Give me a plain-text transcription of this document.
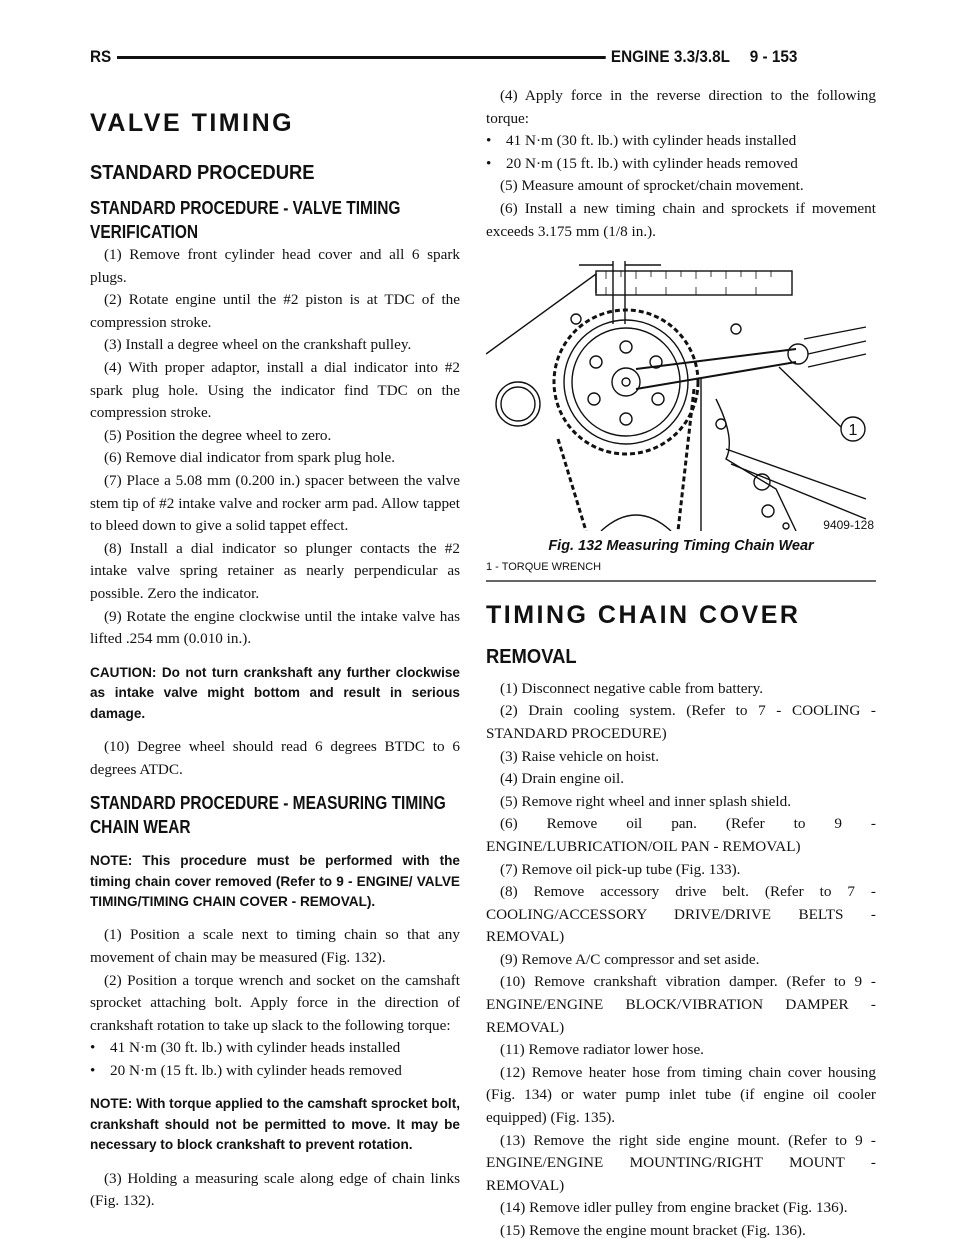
RS	ENGINE 3.3/3.8L 9 - 153
VALVE TIMING
STANDARD PROCEDURE
STANDARD PROCEDURE - VALVE TIMING VERIFICATION
(1) Remove front cylinder head cover and all 6 spark plugs.
(2) Rotate engine until the #2 piston is at TDC of the compression stroke.
(3) Install a degree wheel on the crankshaft pulley.
(4) With proper adaptor, install a dial indicator into #2 spark plug hole. Using the indicator find TDC on the compression stroke.
(5) Position the degree wheel to zero.
(6) Remove dial indicator from spark plug hole.
(7) Place a 5.08 mm (0.200 in.) spacer between the valve stem tip of #2 intake valve and rocker arm pad. Allow tappet to bleed down to give a solid tappet effect.
(8) Install a dial indicator so plunger contacts the #2 intake valve spring retainer as nearly perpendicular as possible. Zero the indicator.
(9) Rotate the engine clockwise until the intake valve has lifted .254 mm (0.010 in.).
CAUTION: Do not turn crankshaft any further clockwise as intake valve might bottom and result in serious damage.
(10) Degree wheel should read 6 degrees BTDC to 6 degrees ATDC.
STANDARD PROCEDURE - MEASURING TIMING CHAIN WEAR
NOTE: This procedure must be performed with the timing chain cover removed (Refer to 9 - ENGINE/ VALVE TIMING/TIMING CHAIN COVER - REMOVAL).
(1) Position a scale next to timing chain so that any movement of chain may be measured (Fig. 132).
(2) Position a torque wrench and socket on the camshaft sprocket attaching bolt. Apply force in the direction of crankshaft rotation to take up slack to the following torque:
• 41 N·m (30 ft. lb.) with cylinder heads installed
• 20 N·m (15 ft. lb.) with cylinder heads removed
NOTE: With torque applied to the camshaft sprocket bolt, crankshaft should not be permitted to move. It may be necessary to block crankshaft to prevent rotation.
(3) Holding a measuring scale along edge of chain links (Fig. 132).
(4) Apply force in the reverse direction to the following torque:
• 41 N·m (30 ft. lb.) with cylinder heads installed
• 20 N·m (15 ft. lb.) with cylinder heads removed
(5) Measure amount of sprocket/chain movement.
(6) Install a new timing chain and sprockets if movement exceeds 3.175 mm (1/8 in.).
1
9409-128
Fig. 132 Measuring Timing Chain Wear
1 - TORQUE WRENCH
TIMING CHAIN COVER
REMOVAL
(1) Disconnect negative cable from battery.
(2) Drain cooling system. (Refer to 7 - COOLING - STANDARD PROCEDURE)
(3) Raise vehicle on hoist.
(4) Drain engine oil.
(5) Remove right wheel and inner splash shield.
(6) Remove oil pan. (Refer to 9 - ENGINE/LUBRICATION/OIL PAN - REMOVAL)
(7) Remove oil pick-up tube (Fig. 133).
(8) Remove accessory drive belt. (Refer to 7 - COOLING/ACCESSORY DRIVE/DRIVE BELTS - REMOVAL)
(9) Remove A/C compressor and set aside.
(10) Remove crankshaft vibration damper. (Refer to 9 - ENGINE/ENGINE BLOCK/VIBRATION DAMPER - REMOVAL)
(11) Remove radiator lower hose.
(12) Remove heater hose from timing chain cover housing (Fig. 134) or water pump inlet tube (if engine oil cooler equipped) (Fig. 135).
(13) Remove the right side engine mount. (Refer to 9 - ENGINE/ENGINE MOUNTING/RIGHT MOUNT - REMOVAL)
(14) Remove idler pulley from engine bracket (Fig. 136).
(15) Remove the engine mount bracket (Fig. 136).
